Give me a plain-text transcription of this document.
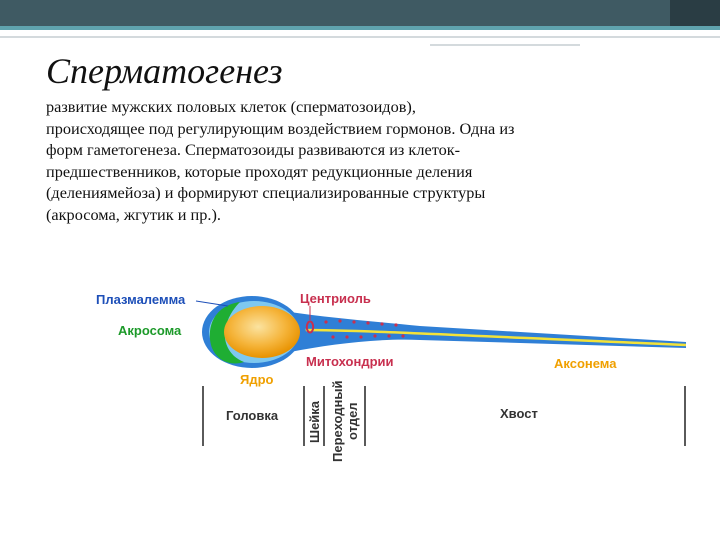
Сперматогенез

развитие мужских половых клеток (сперматозоидов), происходящее под регулирующим воздействием гормонов. Одна из форм гаметогенеза. Сперматозоиды развиваются из клеток-предшественников, которые проходят редукционные деления (делениямейоза) и формируют специализированные структуры (акросома, жгутик и пр.).

Плазмалемма	Центриоль
Акросома
Митохондрии
Ядро
Аксонема
Головка Шейка Переходный отдел	Хвост
